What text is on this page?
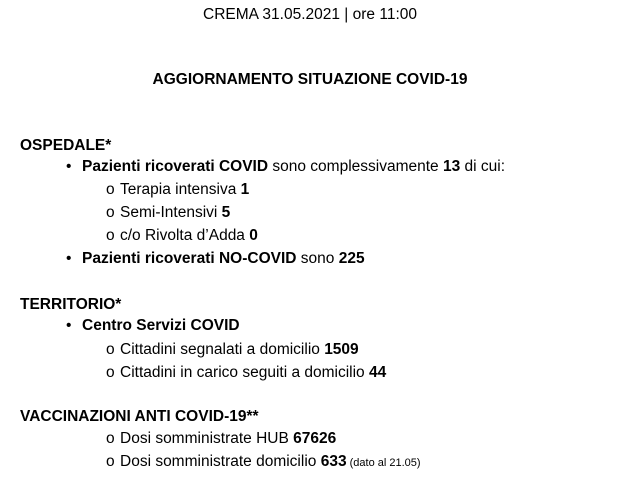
CREMA 31.05.2021 | ore 11:00
AGGIORNAMENTO SITUAZIONE COVID-19
OSPEDALE*
• Pazienti ricoverati COVID sono complessivamente 13 di cui:
o Terapia intensiva 1
o Semi-Intensivi 5
o c/o Rivolta d’Adda 0
• Pazienti ricoverati NO-COVID sono 225
TERRITORIO*
• Centro Servizi COVID
o Cittadini segnalati a domicilio 1509
o Cittadini in carico seguiti a domicilio 44
VACCINAZIONI ANTI COVID-19**
o Dosi somministrate HUB 67626
o Dosi somministrate domicilio 633 (dato al 21.05)
